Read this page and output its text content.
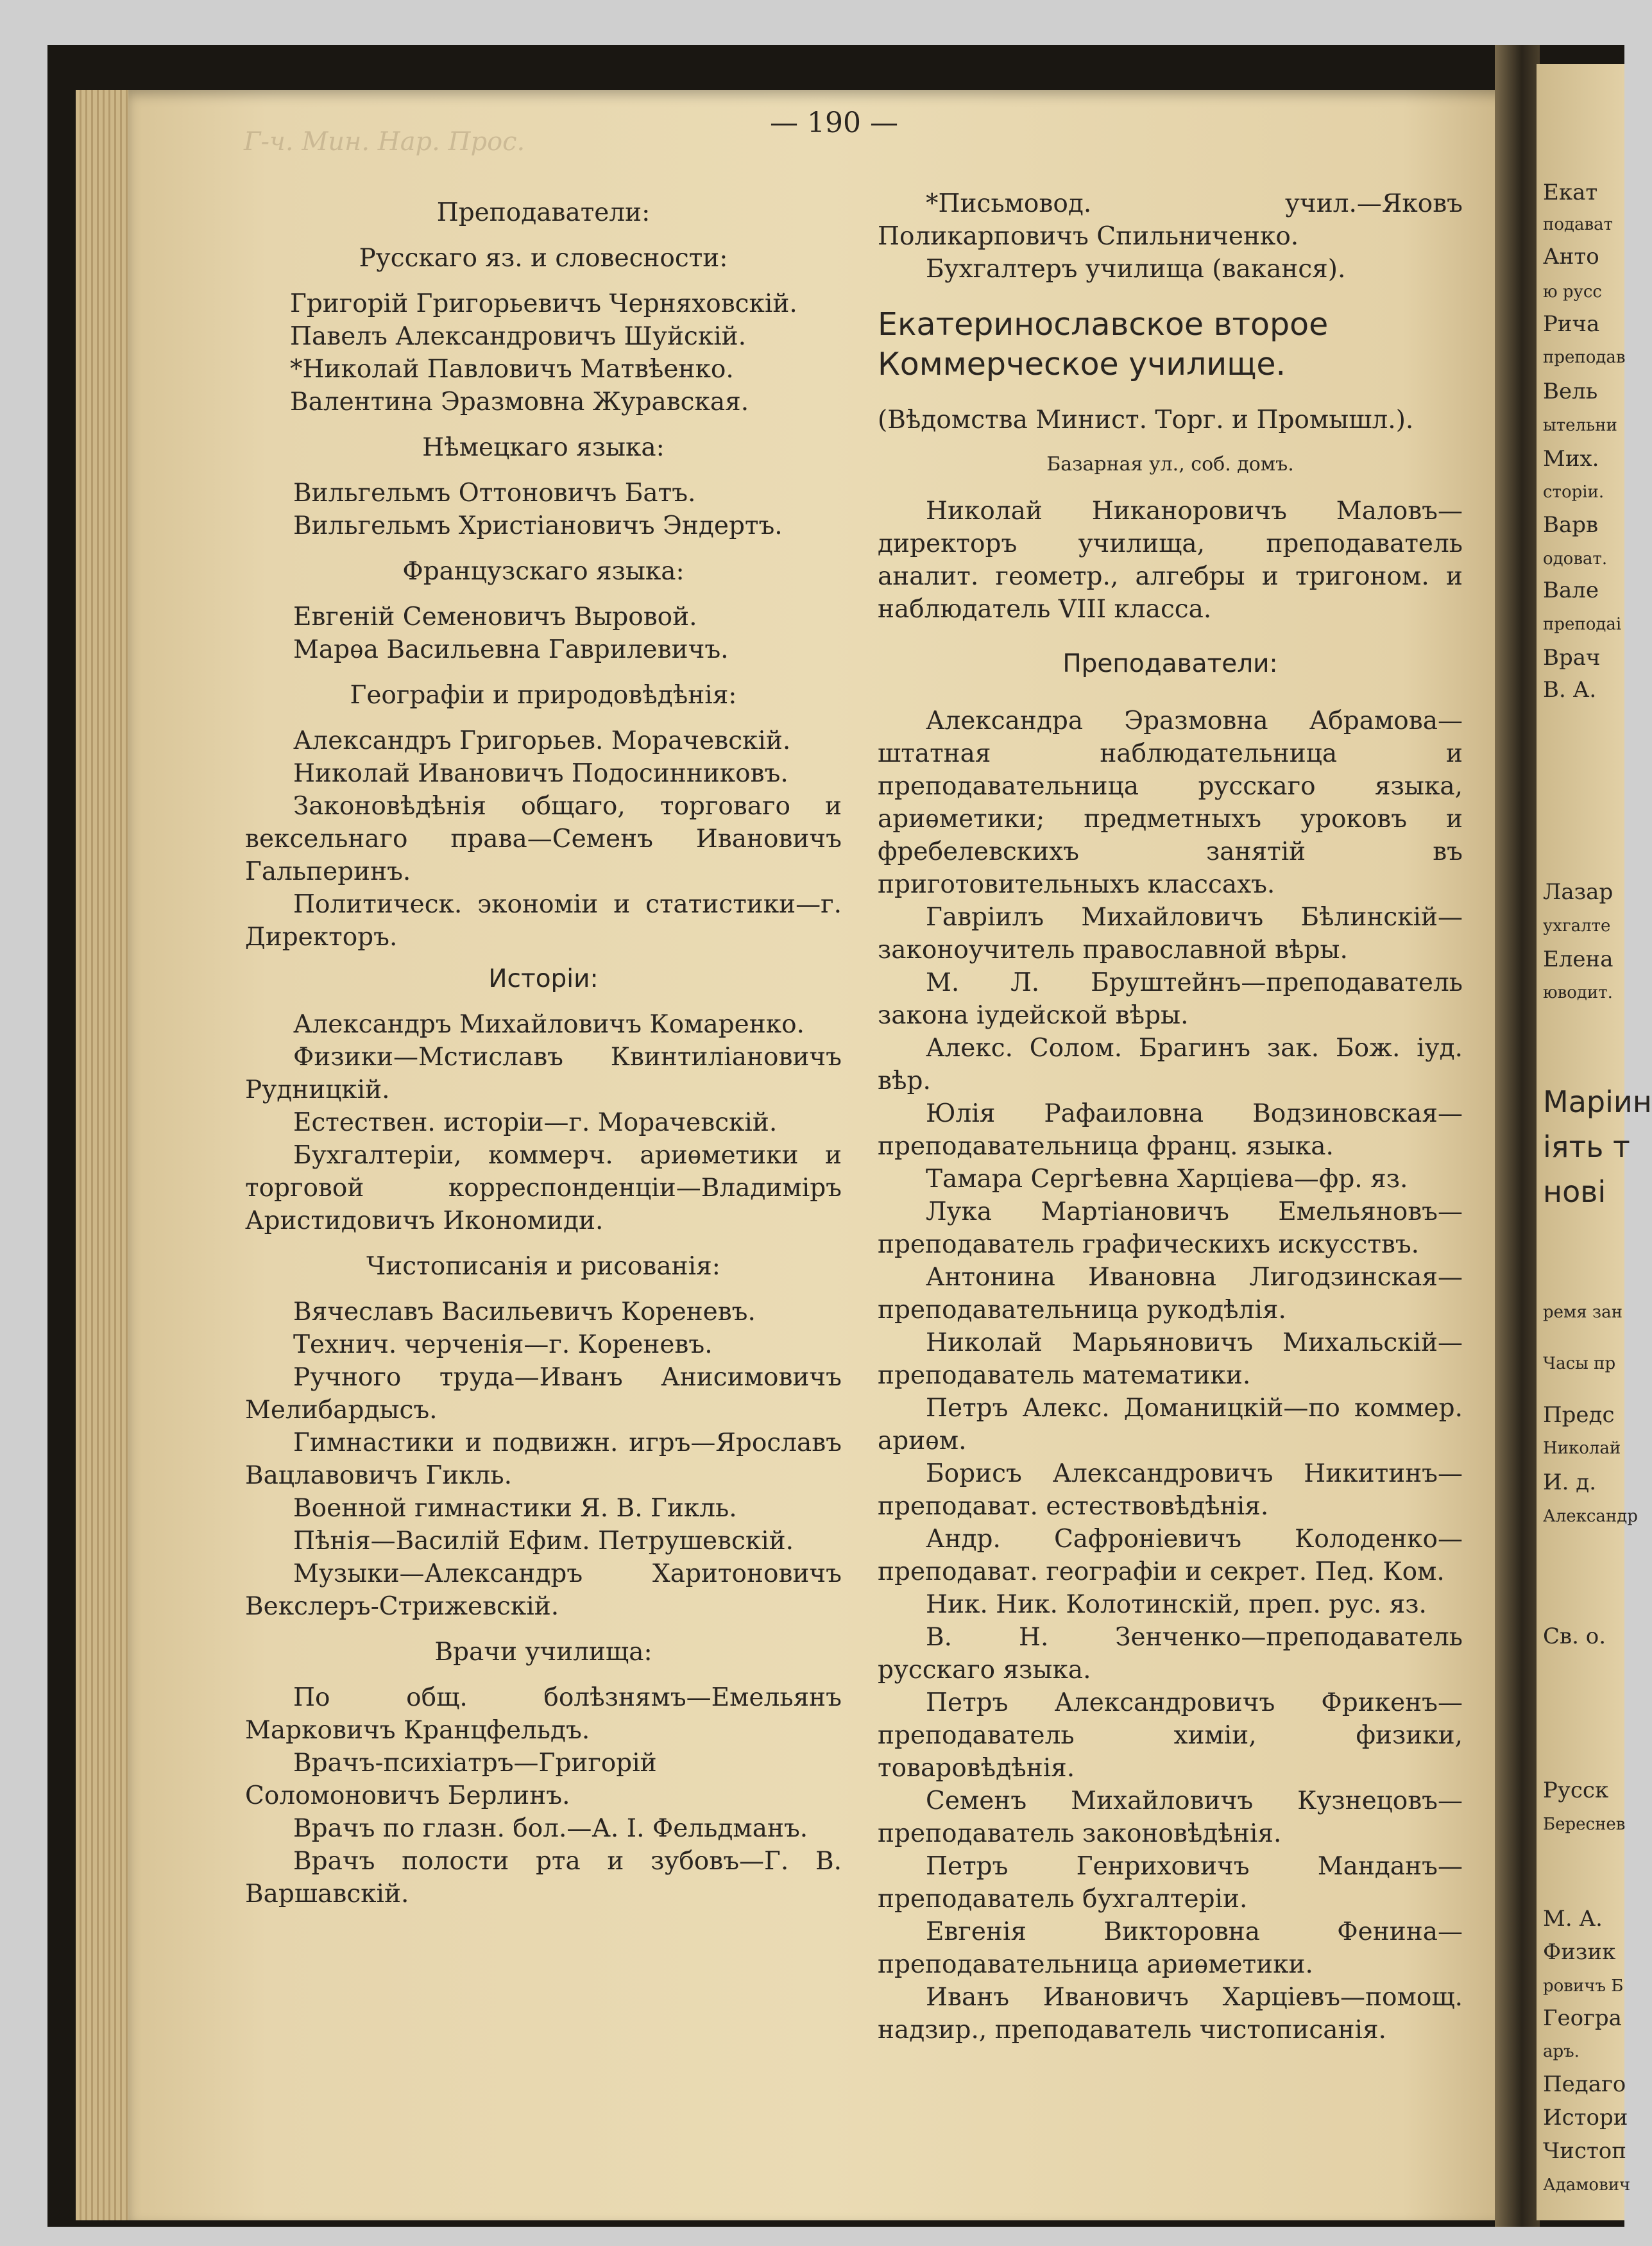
Екат
подават
Анто
ю русс
Рича
преподав
Вель
ытельни
Мих.
сторіи.
Варв
одоват.
Вале
преподаі
Врач
В. А.
Лазар
ухгалте
Елена
юводит.
Маріин
іять т
нові
ремя зан
Часы пр
Предс
Николай
И. д.
Александр
Св. о.
Русск
Береснев
М. А.
Физик
ровичъ Б
Геогра
аръ.
Педаго
Истори
Чистоп
Адамович
Г-ч. Мин. Нар. Прос.
— 190 —
Преподаватели:
Русскаго яз. и словесности:

Григорій Григорьевичъ Черняховскій.

Павелъ Александровичъ Шуйскій.

*Николай Павловичъ Матвѣенко.

Валентина Эразмовна Журавская.

Нѣмецкаго языка:

Вильгельмъ Оттоновичъ Батъ.

Вильгельмъ Христіановичъ Эндертъ.

Французскаго языка:

Евгеній Семеновичъ Выровой.

Марѳа Васильевна Гаврилевичъ.

Географіи и природовѣдѣнія:

Александръ Григорьев. Морачевскій.

Николай Ивановичъ Подосинниковъ.

Законовѣдѣнія общаго, торговаго и вексельнаго права—Семенъ Ивановичъ Гальперинъ.

Политическ. экономіи и статистики—г. Директоръ.

Исторіи:

Александръ Михайловичъ Комаренко.

Физики—Мстиславъ Квинтиліановичъ Рудницкій.

Естествен. исторіи—г. Морачевскій.

Бухгалтеріи, коммерч. ариѳметики и торговой корреспонденціи—Владиміръ Аристидовичъ Икономиди.

Чистописанія и рисованія:

Вячеславъ Васильевичъ Кореневъ.

Технич. черченія—г. Кореневъ.

Ручного труда—Иванъ Анисимовичъ Мелибардысъ.

Гимнастики и подвижн. игръ—Ярославъ Вацлавовичъ Гикль.

Военной гимнастики Я. В. Гикль.

Пѣнія—Василій Ефим. Петрушевскій.

Музыки—Александръ Харитоновичъ Векслеръ-Стрижевскій.

Врачи училища:

По общ. болѣзнямъ—Емельянъ Марковичъ Кранцфельдъ.

Врачъ-психіатръ—Григорій Соломоновичъ Берлинъ.

Врачъ по глазн. бол.—А. І. Фельдманъ.

Врачъ полости рта и зубовъ—Г. В. Варшавскій.

*Письмовод. учил.—Яковъ Поликарповичъ Спильниченко.

Бухгалтеръ училища (ваканся).

Екатеринославское второе Коммерческое училище.
(Вѣдомства Минист. Торг. и Промышл.).
Базарная ул., соб. домъ.

Николай Никаноровичъ Маловъ—директоръ училища, преподаватель аналит. геометр., алгебры и тригоном. и наблюдатель VIII класса.

Преподаватели:

Александра Эразмовна Абрамова—штатная наблюдательница и преподавательница русскаго языка, ариѳметики; предметныхъ уроковъ и фребелевскихъ занятій въ приготовительныхъ классахъ.

Гавріилъ Михайловичъ Бѣлинскій—законоучитель православной вѣры.

М. Л. Бруштейнъ—преподаватель закона іудейской вѣры.

Алекс. Солом. Брагинъ зак. Бож. іуд. вѣр.

Юлія Рафаиловна Водзиновская—преподавательница франц. языка.

Тамара Сергѣевна Харціева—фр. яз.

Лука Мартіановичъ Емельяновъ—преподаватель графическихъ искусствъ.

Антонина Ивановна Лигодзинская—преподавательница рукодѣлія.

Николай Марьяновичъ Михальскій—преподаватель математики.

Петръ Алекс. Доманицкій—по коммер. ариѳм.

Борисъ Александровичъ Никитинъ—преподават. естествовѣдѣнія.

Андр. Сафроніевичъ Колоденко—преподават. географіи и секрет. Пед. Ком.

Ник. Ник. Колотинскій, преп. рус. яз.

В. Н. Зенченко—преподаватель русскаго языка.

Петръ Александровичъ Фрикенъ—преподаватель химіи, физики, товаровѣдѣнія.

Семенъ Михайловичъ Кузнецовъ—преподаватель законовѣдѣнія.

Петръ Генриховичъ Манданъ—преподаватель бухгалтеріи.

Евгенія Викторовна Фенина—преподавательница ариѳметики.

Иванъ Ивановичъ Харціевъ—помощ. надзир., преподаватель чистописанія.
